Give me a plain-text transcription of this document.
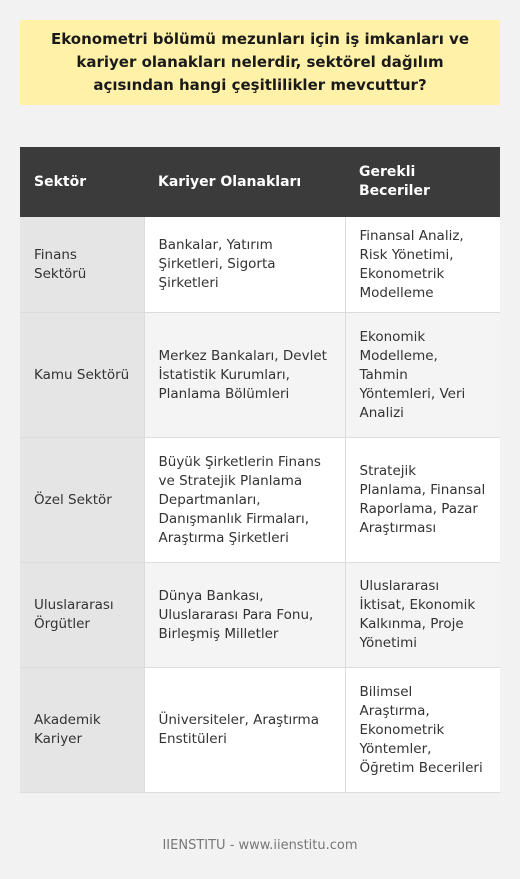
Ekonometri bölümü mezunları için iş imkanları ve kariyer olanakları nelerdir, sektörel dağılım açısından hangi çeşitlilikler mevcuttur?
Sektör	Kariyer Olanakları	Gerekli Beceriler
Finans Sektörü	Bankalar, Yatırım Şirketleri, Sigorta Şirketleri	Finansal Analiz, Risk Yönetimi, Ekonometrik Modelleme
Kamu Sektörü	Merkez Bankaları, Devlet İstatistik Kurumları, Planlama Bölümleri	Ekonomik Modelleme, Tahmin Yöntemleri, Veri Analizi
Özel Sektör	Büyük Şirketlerin Finans ve Stratejik Planlama Departmanları, Danışmanlık Firmaları, Araştırma Şirketleri	Stratejik Planlama, Finansal Raporlama, Pazar Araştırması
Uluslararası Örgütler	Dünya Bankası, Uluslararası Para Fonu, Birleşmiş Milletler	Uluslararası İktisat, Ekonomik Kalkınma, Proje Yönetimi
Akademik Kariyer	Üniversiteler, Araştırma Enstitüleri	Bilimsel Araştırma, Ekonometrik Yöntemler, Öğretim Becerileri
IIENSTITU - www.iienstitu.com
